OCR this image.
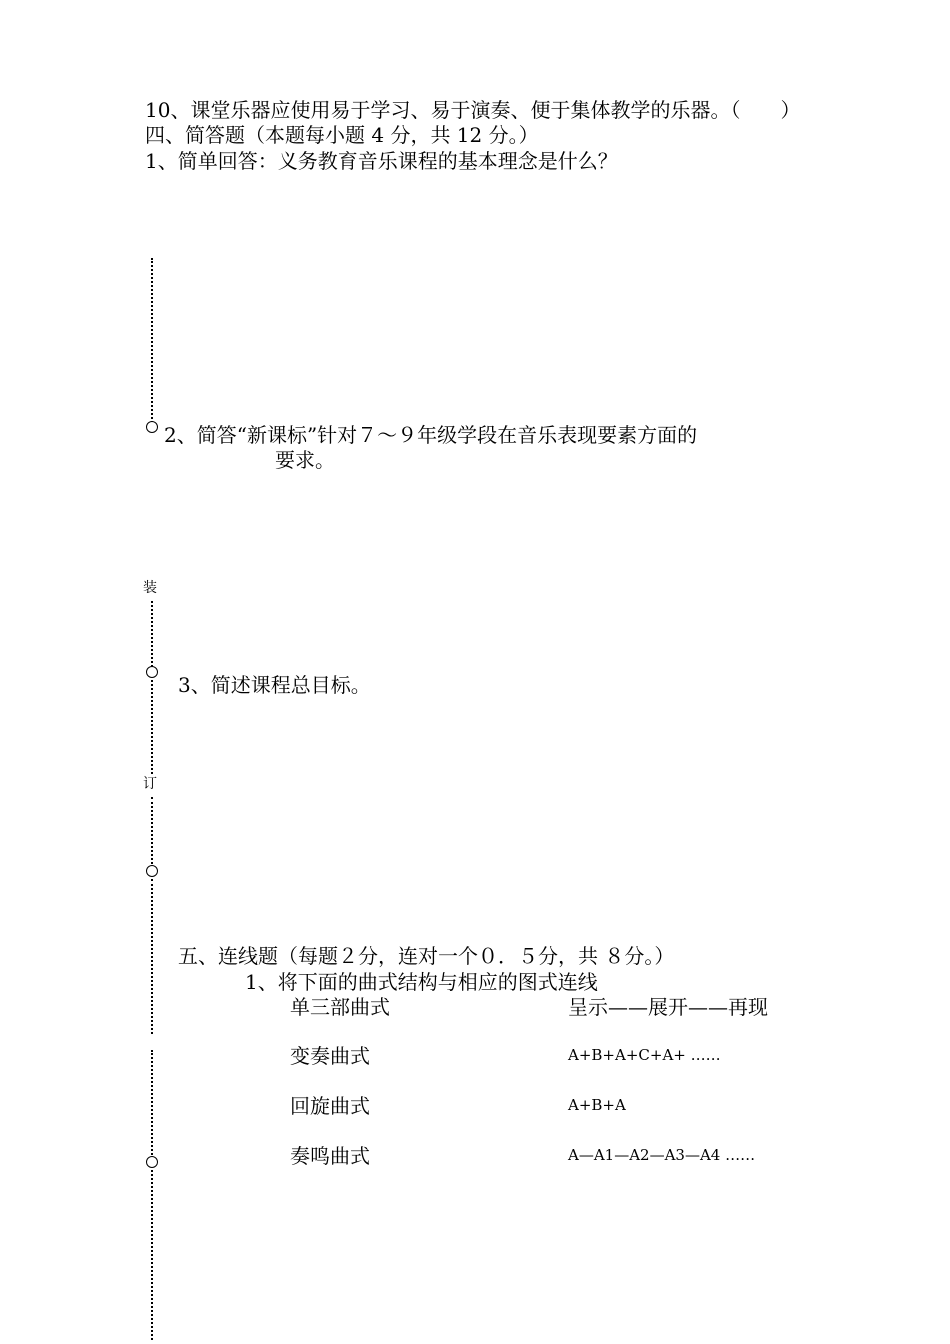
装
订
10、课堂乐器应使用易于学习、易于演奏、便于集体教学的乐器。（　　）
四、简答题（本题每小题 4 分，共 12 分。）
1、简单回答：义务教育音乐课程的基本理念是什么？
2、简答“新课标”针对７～９年级学段在音乐表现要素方面的
要求。
3、简述课程总目标。
五、连线题（每题２分，连对一个０．５分，共 ８分。）
1、将下面的曲式结构与相应的图式连线
单三部曲式	呈示——展开——再现
变奏曲式	A+B+A+C+A+ ……
回旋曲式	A+B+A
奏鸣曲式	A—A1—A2—A3—A4 ……
